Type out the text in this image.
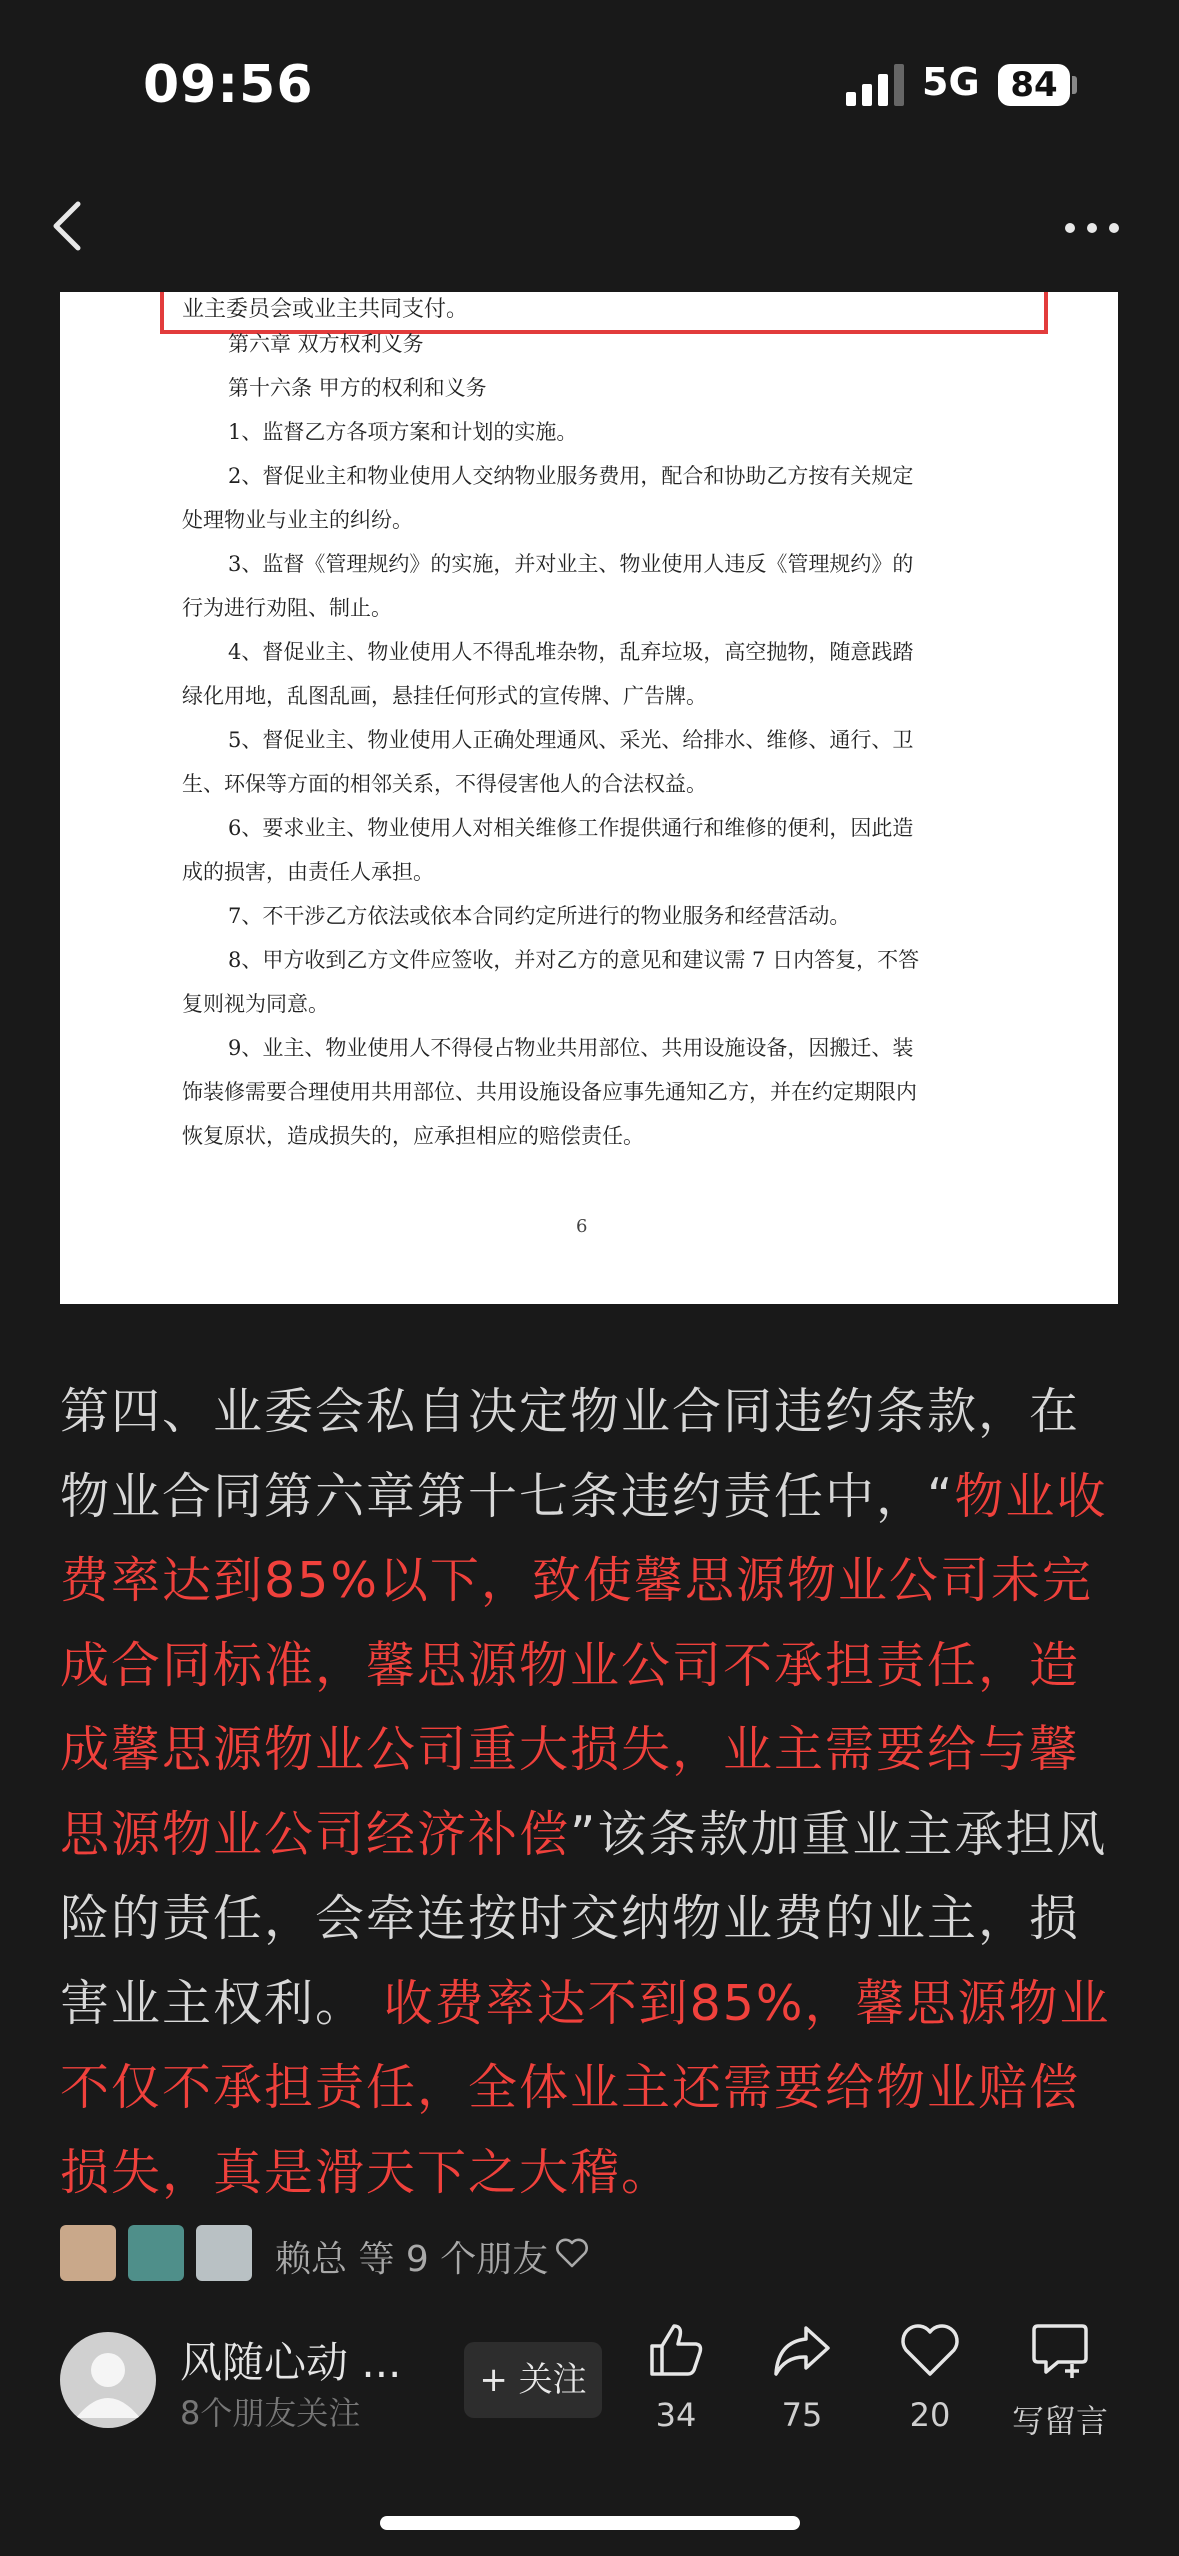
09:56	5G 84
业主委员会或业主共同支付。
第六章 双方权利义务
第十六条 甲方的权利和义务
1、监督乙方各项方案和计划的实施。
2、督促业主和物业使用人交纳物业服务费用，配合和协助乙方按有关规定
处理物业与业主的纠纷。
3、监督《管理规约》的实施，并对业主、物业使用人违反《管理规约》的
行为进行劝阻、制止。
4、督促业主、物业使用人不得乱堆杂物，乱弃垃圾，高空抛物，随意践踏
绿化用地，乱图乱画，悬挂任何形式的宣传牌、广告牌。
5、督促业主、物业使用人正确处理通风、采光、给排水、维修、通行、卫
生、环保等方面的相邻关系，不得侵害他人的合法权益。
6、要求业主、物业使用人对相关维修工作提供通行和维修的便利，因此造
成的损害，由责任人承担。
7、不干涉乙方依法或依本合同约定所进行的物业服务和经营活动。
8、甲方收到乙方文件应签收，并对乙方的意见和建议需 7 日内答复，不答
复则视为同意。
9、业主、物业使用人不得侵占物业共用部位、共用设施设备，因搬迁、装
饰装修需要合理使用共用部位、共用设施设备应事先通知乙方，并在约定期限内
恢复原状，造成损失的，应承担相应的赔偿责任。
6
第四、业委会私自决定物业合同违约条款，在物业合同第六章第十七条违约责任中，“物业收费率达到85%以下，致使馨思源物业公司未完成合同标准，馨思源物业公司不承担责任，造成馨思源物业公司重大损失，业主需要给与馨思源物业公司经济补偿”该条款加重业主承担风险的责任，会牵连按时交纳物业费的业主，损害业主权利。 收费率达不到85%，馨思源物业不仅不承担责任，全体业主还需要给物业赔偿损失，真是滑天下之大稽。
赖总 等 9 个朋友
风随心动 ...
8个朋友关注
+ 关注
34	75	20	写留言
